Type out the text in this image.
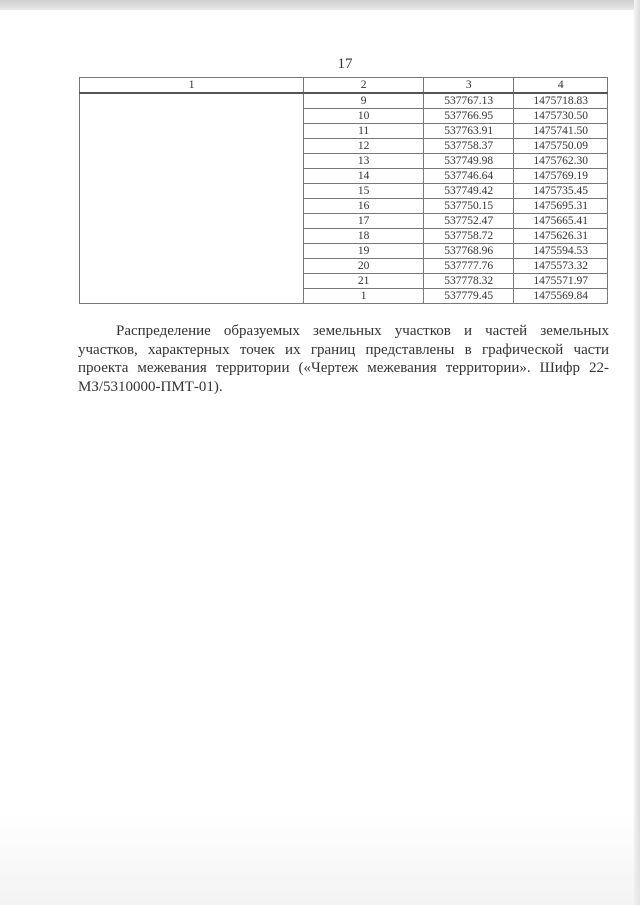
17
1	2	3	4
	9	537767.13	1475718.83
	10	537766.95	1475730.50
	11	537763.91	1475741.50
	12	537758.37	1475750.09
	13	537749.98	1475762.30
	14	537746.64	1475769.19
	15	537749.42	1475735.45
	16	537750.15	1475695.31
	17	537752.47	1475665.41
	18	537758.72	1475626.31
	19	537768.96	1475594.53
	20	537777.76	1475573.32
	21	537778.32	1475571.97
	1	537779.45	1475569.84

Распределение образуемых земельных участков и частей земельных участков, характерных точек их границ представлены в графической части проекта межевания территории («Чертеж межевания территории». Шифр 22-МЗ/5310000-ПМТ-01).
